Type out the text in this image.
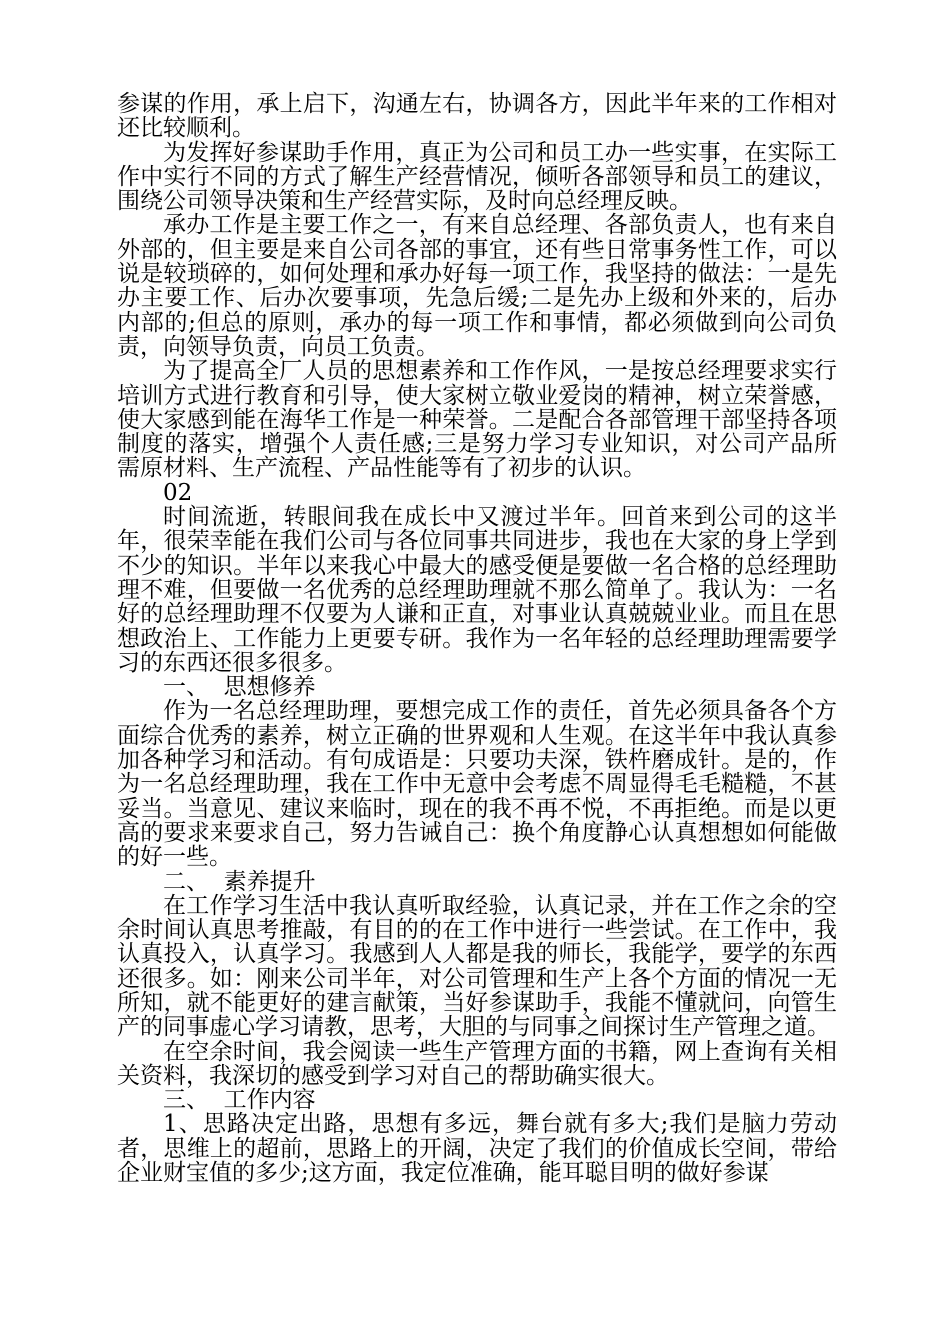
参谋的作用，承上启下，沟通左右，协调各方，因此半年来的工作相对还比较顺利。

为发挥好参谋助手作用，真正为公司和员工办一些实事，在实际工作中实行不同的方式了解生产经营情况，倾听各部领导和员工的建议，围绕公司领导决策和生产经营实际，及时向总经理反映。

承办工作是主要工作之一，有来自总经理、各部负责人，也有来自外部的，但主要是来自公司各部的事宜，还有些日常事务性工作，可以说是较琐碎的，如何处理和承办好每一项工作，我坚持的做法：一是先办主要工作、后办次要事项，先急后缓;二是先办上级和外来的，后办内部的;但总的原则，承办的每一项工作和事情，都必须做到向公司负责，向领导负责，向员工负责。

为了提高全厂人员的思想素养和工作作风，一是按总经理要求实行培训方式进行教育和引导，使大家树立敬业爱岗的精神，树立荣誉感，使大家感到能在海华工作是一种荣誉。二是配合各部管理干部坚持各项制度的落实，增强个人责任感;三是努力学习专业知识，对公司产品所需原材料、生产流程、产品性能等有了初步的认识。

02

时间流逝，转眼间我在成长中又渡过半年。回首来到公司的这半年，很荣幸能在我们公司与各位同事共同进步，我也在大家的身上学到不少的知识。半年以来我心中最大的感受便是要做一名合格的总经理助理不难，但要做一名优秀的总经理助理就不那么简单了。我认为：一名好的总经理助理不仅要为人谦和正直，对事业认真兢兢业业。而且在思想政治上、工作能力上更要专研。我作为一名年轻的总经理助理需要学习的东西还很多很多。

一、  思想修养

作为一名总经理助理，要想完成工作的责任，首先必须具备各个方面综合优秀的素养，树立正确的世界观和人生观。在这半年中我认真参加各种学习和活动。有句成语是：只要功夫深，铁杵磨成针。是的，作为一名总经理助理，我在工作中无意中会考虑不周显得毛毛糙糙，不甚妥当。当意见、建议来临时，现在的我不再不悦，不再拒绝。而是以更高的要求来要求自己，努力告诫自己：换个角度静心认真想想如何能做的好一些。

二、  素养提升

在工作学习生活中我认真听取经验，认真记录，并在工作之余的空余时间认真思考推敲，有目的的在工作中进行一些尝试。在工作中，我认真投入，认真学习。我感到人人都是我的师长，我能学，要学的东西还很多。如：刚来公司半年，对公司管理和生产上各个方面的情况一无所知，就不能更好的建言献策，当好参谋助手，我能不懂就问，向管生产的同事虚心学习请教，思考，大胆的与同事之间探讨生产管理之道。

在空余时间，我会阅读一些生产管理方面的书籍，网上查询有关相关资料，我深切的感受到学习对自己的帮助确实很大。

三、  工作内容

1、思路决定出路，思想有多远，舞台就有多大;我们是脑力劳动者，思维上的超前，思路上的开阔，决定了我们的价值成长空间，带给企业财宝值的多少;这方面，我定位准确，能耳聪目明的做好参谋
